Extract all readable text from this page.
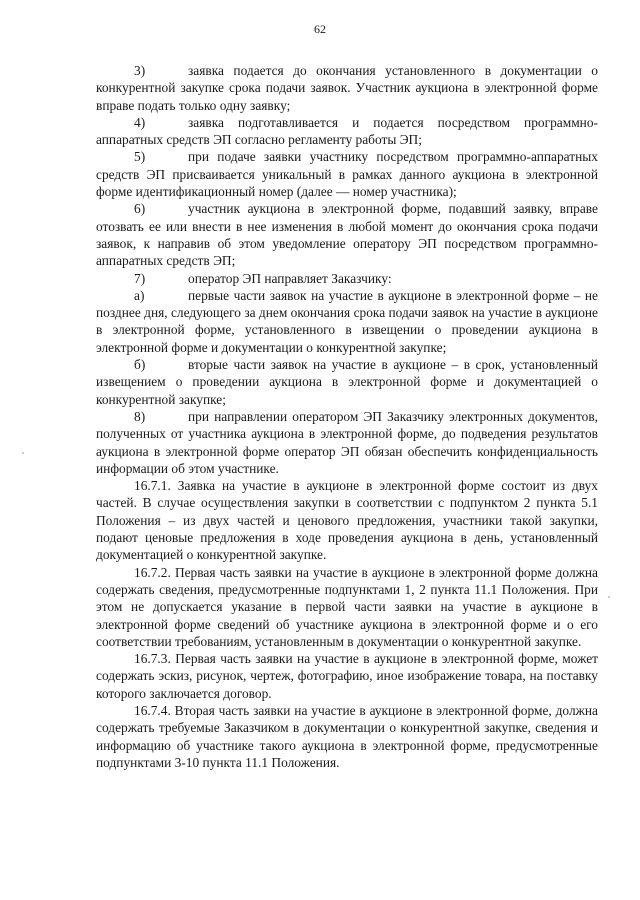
62

3)	заявка подается до окончания установленного в документации о конкурентной закупке срока подачи заявок. Участник аукциона в электронной форме вправе подать только одну заявку;

4)	заявка подготавливается и подается посредством программно-аппаратных средств ЭП согласно регламенту работы ЭП;

5)	при подаче заявки участнику посредством программно-аппаратных средств ЭП присваивается уникальный в рамках данного аукциона в электронной форме идентификационный номер (далее — номер участника);

6)	участник аукциона в электронной форме, подавший заявку, вправе отозвать ее или внести в нее изменения в любой момент до окончания срока подачи заявок, к направив об этом уведомление оператору ЭП посредством программно-аппаратных средств ЭП;

7)	оператор ЭП направляет Заказчику:

а)	первые части заявок на участие в аукционе в электронной форме – не позднее дня, следующего за днем окончания срока подачи заявок на участие в аукционе в электронной форме, установленного в извещении о проведении аукциона в электронной форме и документации о конкурентной закупке;

б)	вторые части заявок на участие в аукционе – в срок, установленный извещением о проведении аукциона в электронной форме и документацией о конкурентной закупке;

8)	при направлении оператором ЭП Заказчику электронных документов, полученных от участника аукциона в электронной форме, до подведения результатов аукциона в электронной форме оператор ЭП обязан обеспечить конфиденциальность информации об этом участнике.

16.7.1. Заявка на участие в аукционе в электронной форме состоит из двух частей. В случае осуществления закупки в соответствии с подпунктом 2 пункта 5.1 Положения – из двух частей и ценового предложения, участники такой закупки, подают ценовые предложения в ходе проведения аукциона в день, установленный документацией о конкурентной закупке.

16.7.2. Первая часть заявки на участие в аукционе в электронной форме должна содержать сведения, предусмотренные подпунктами 1, 2 пункта 11.1 Положения. При этом не допускается указание в первой части заявки на участие в аукционе в электронной форме сведений об участнике аукциона в электронной форме и о его соответствии требованиям, установленным в документации о конкурентной закупке.

16.7.3. Первая часть заявки на участие в аукционе в электронной форме, может содержать эскиз, рисунок, чертеж, фотографию, иное изображение товара, на поставку которого заключается договор.

16.7.4. Вторая часть заявки на участие в аукционе в электронной форме, должна содержать требуемые Заказчиком в документации о конкурентной закупке, сведения и информацию об участнике такого аукциона в электронной форме, предусмотренные подпунктами 3-10 пункта 11.1 Положения.
